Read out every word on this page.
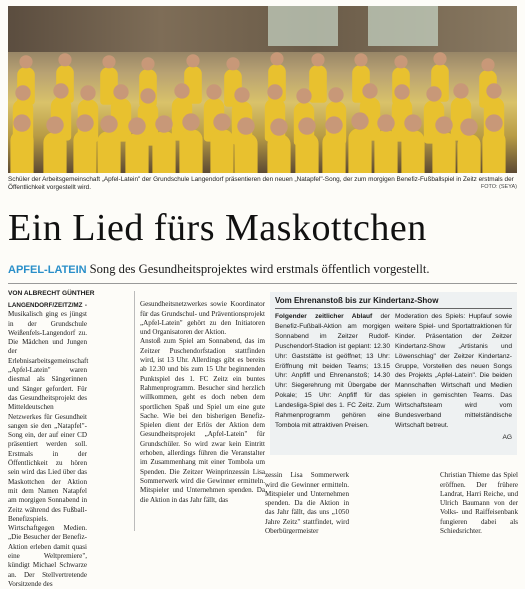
Schüler der Arbeitsgemeinschaft „Apfel-Latein" der Grundschule Langendorf präsentieren den neuen „Natapfel"-Song, der zum morgigen Benefiz-Fußballspiel in Zeitz erstmals der Öffentlichkeit vorgestellt wird.	FOTO: (SEYA)
Ein Lied fürs Maskottchen
APFEL-LATEIN Song des Gesundheitsprojektes wird erstmals öffentlich vorgestellt.
VON ALBRECHT GÜNTHER
LANGENDORF/ZEITZ/MZ - Musikalisch ging es jüngst in der Grundschule Weißenfels-Langendorf zu. Die Mädchen und Jungen der Erlebnisarbeitsgemeinschaft „Apfel-Latein" waren diesmal als Sängerinnen und Sänger gefordert. Für das Gesundheitsprojekt des Mitteldeutschen Netzwerkes für Gesundheit sangen sie den „Natapfel"-Song ein, der auf einer CD präsentiert werden soll. Erstmals in der Öffentlichkeit zu hören sein wird das Lied über das Maskottchen der Aktion mit dem Namen Natapfel am morgigen Sonnabend in Zeitz während des Fußball-Benefizspiels. Wirtschaftgegen Medien. „Die Besucher der Benefiz-Aktion erleben damit quasi eine Weltpremiere", kündigt Michael Schwarze an. Der Stellvertretende Vorsitzende des

Gesundheitsnetzwerkes sowie Koordinator für das Grundschul- und Präventionsprojekt „Apfel-Latein" gehört zu den Initiatoren und Organisatoren der Aktion.
Anstoß zum Spiel am Sonnabend, das im Zeitzer Puschendorfstadion stattfinden wird, ist 13 Uhr. Allerdings gibt es bereits ab 12.30 und bis zum 15 Uhr beginnenden Punktspiel des 1. FC Zeitz ein buntes Rahmenprogramm. Besucher sind herzlich willkommen, geht es doch neben dem sportlichen Spaß und Spiel um eine gute Sache. Wie bei den bisherigen Benefiz-Spielen dient der Erlös der Aktion dem Gesundheitsprojekt „Apfel-Latein" für Grundschüler. So wird zwar kein Eintritt erhoben, allerdings führen die Veranstalter im Zusammenhang mit einer Tombola um Spenden. Die Zeitzer Weinprinzessin Lisa Sommerwerk wird die Gewinner ermitteln. Mitspieler und Unternehmen spenden. Da die Aktion in das Jahr fällt, das

Vom Ehrenanstoß bis zur Kindertanz-Show
Folgender zeitlicher Ablauf der Benefiz-Fußball-Aktion am morgigen Sonnabend im Zeitzer Rudolf-Puschendorf-Stadion ist geplant: 12.30 Uhr: Gaststätte ist geöffnet; 13 Uhr: Eröffnung mit beiden Teams; 13.15 Uhr: Anpfiff und Ehrenanstoß; 14.30 Uhr: Siegerehrung mit Übergabe der Pokale; 15 Uhr: Anpfiff für das Landesliga-Spiel des 1. FC Zeitz. Zum Rahmenprogramm gehören eine Tombola mit attraktiven Preisen.
Moderation des Spiels: Hupfauf sowie weitere Spiel- und Sportattraktionen für Kinder. Präsentation der Zeitzer Kindertanz-Show „Artistanis und Löwenschlag" der Zeitzer Kindertanz-Gruppe, Vorstellen des neuen Songs des Projekts „Apfel-Latein". Die beiden Mannschaften Wirtschaft und Medien spielen in gemischten Teams. Das Wirtschaftsteam wird vom Bundesverband mittelständische Wirtschaft betreut.
AG

zessin Lisa Sommerwerk wird die Gewinner ermitteln. Mitspieler und Unternehmen spenden. Da die Aktion in das Jahr fällt, das uns „1050 Jahre Zeitz" stattfindet, wird Oberbürgermeister

Christian Thieme das Spiel eröffnen. Der frühere Landrat, Harri Reiche, und Ulrich Baumann von der Volks- und Raiffeisenbank fungieren dabei als Schiedsrichter.
